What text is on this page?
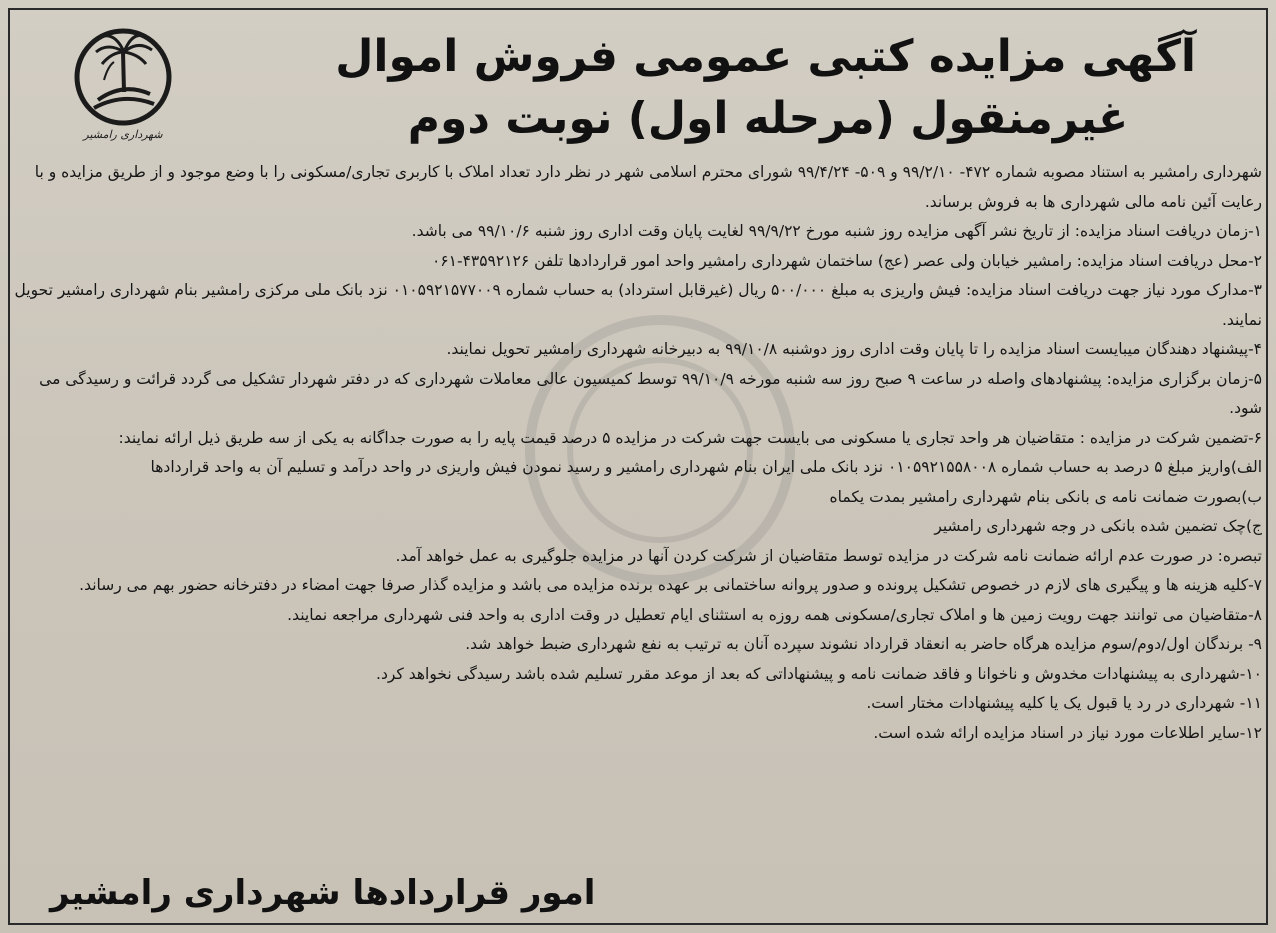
شهرداری رامشیر
آگهی مزایده کتبی عمومی فروش اموال
غیرمنقول (مرحله اول) نوبت دوم

شهرداری رامشیر به استناد مصوبه شماره ۴۷۲- ۹۹/۲/۱۰ و ۵۰۹- ۹۹/۴/۲۴ شورای محترم اسلامی شهر در نظر دارد تعداد املاک با کاربری تجاری/مسکونی را با وضع موجود و از طریق مزایده و با رعایت آئین نامه مالی شهرداری ها به فروش برساند.

۱-زمان دریافت اسناد مزایده: از تاریخ نشر آگهی مزایده روز شنبه مورخ ۹۹/۹/۲۲ لغایت پایان وقت اداری روز شنبه ۹۹/۱۰/۶ می باشد.

۲-محل دریافت اسناد مزایده: رامشیر خیابان ولی عصر (عج) ساختمان شهرداری رامشیر واحد امور قراردادها تلفن ۴۳۵۹۲۱۲۶-۰۶۱

۳-مدارک مورد نیاز جهت دریافت اسناد مزایده: فیش واریزی به مبلغ ۵۰۰/۰۰۰ ریال (غیرقابل استرداد) به حساب شماره ۰۱۰۵۹۲۱۵۷۷۰۰۹ نزد بانک ملی مرکزی رامشیر بنام شهرداری رامشیر تحویل نمایند.

۴-پیشنهاد دهندگان میبایست اسناد مزایده را تا پایان وقت اداری روز دوشنبه ۹۹/۱۰/۸ به دبیرخانه شهرداری رامشیر تحویل نمایند.

۵-زمان برگزاری مزایده: پیشنهادهای واصله در ساعت ۹ صبح روز سه شنبه مورخه ۹۹/۱۰/۹ توسط کمیسیون عالی معاملات شهرداری که در دفتر شهردار تشکیل می گردد قرائت و رسیدگی می شود.

۶-تضمین شرکت در مزایده : متقاضیان هر واحد تجاری یا مسکونی می بایست جهت شرکت در مزایده ۵ درصد قیمت پایه را به صورت جداگانه به یکی از سه طریق ذیل ارائه نمایند:

الف)واریز مبلغ ۵ درصد به حساب شماره ۰۱۰۵۹۲۱۵۵۸۰۰۸ نزد بانک ملی ایران بنام شهرداری رامشیر و رسید نمودن فیش واریزی در واحد درآمد و تسلیم آن به واحد قراردادها

ب)بصورت ضمانت نامه ی بانکی بنام شهرداری رامشیر بمدت یکماه

ج)چک تضمین شده بانکی در وجه شهرداری رامشیر

تبصره: در صورت عدم ارائه ضمانت نامه شرکت در مزایده توسط متقاضیان از شرکت کردن آنها در مزایده جلوگیری به عمل خواهد آمد.

۷-کلیه هزینه ها و پیگیری های لازم در خصوص تشکیل پرونده و صدور پروانه ساختمانی بر عهده برنده مزایده می باشد و مزایده گذار صرفا جهت امضاء در دفترخانه حضور بهم می رساند.

۸-متقاضیان می توانند جهت رویت زمین ها و املاک تجاری/مسکونی همه روزه به استثنای ایام تعطیل در وقت اداری به واحد فنی شهرداری مراجعه نمایند.

۹- برندگان اول/دوم/سوم مزایده هرگاه حاضر به انعقاد قرارداد نشوند سپرده آنان به ترتیب به نفع شهرداری ضبط خواهد شد.

۱۰-شهرداری به پیشنهادات مخدوش و ناخوانا و فاقد ضمانت نامه و پیشنهاداتی که بعد از موعد مقرر تسلیم شده باشد رسیدگی نخواهد کرد.

۱۱- شهرداری در رد یا قبول یک یا کلیه پیشنهادات مختار است.

۱۲-سایر اطلاعات مورد نیاز در اسناد مزایده ارائه شده است.

امور قراردادها شهرداری رامشیر
